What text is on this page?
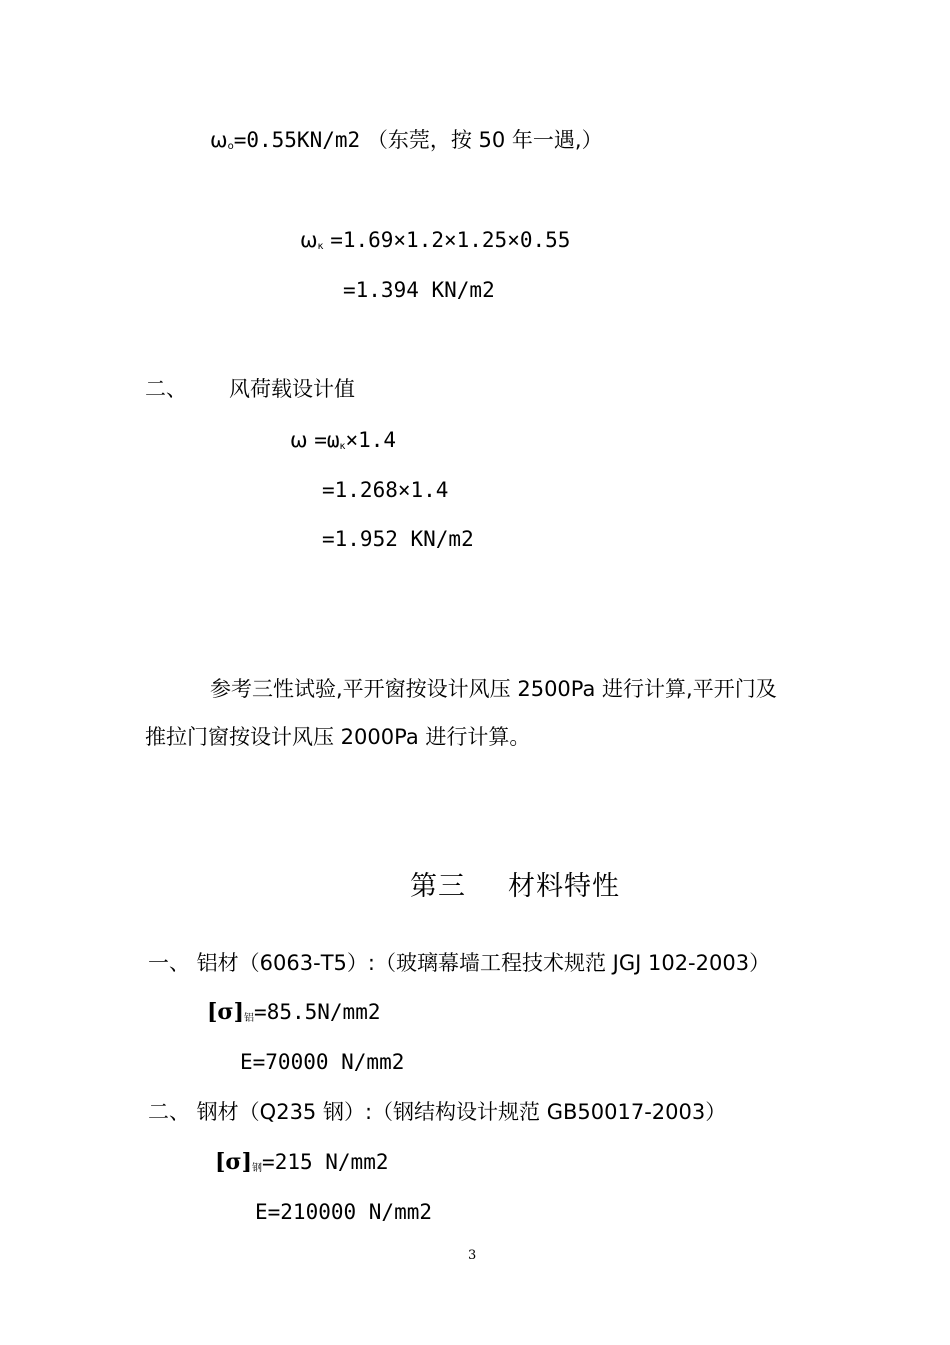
$\omega_o=0.55KN/m2$ （东莞，按 50 年一遇,）
$\omega_\kappa =1.69\times 1.2\times 1.25\times 0.55$
=1.394 KN/m2
二、 风荷载设计值
$\omega =\omega_\kappa\times 1.4$
=1.268×1.4
=1.952 KN/m2
参考三性试验,平开窗按设计风压 2500Pa 进行计算,平开门及
推拉门窗按设计风压 2000Pa 进行计算。
第三 材料特性
一、 铝材（6063-T5）:（玻璃幕墙工程技术规范 JGJ 102-2003）
$[\sigma]_铝=85.5N/mm2$
E=70000 N/mm2
二、 钢材（Q235 钢）:（钢结构设计规范 GB50017-2003）
$[\sigma]_钢=215$ N/mm2
E=210000 N/mm2
3
